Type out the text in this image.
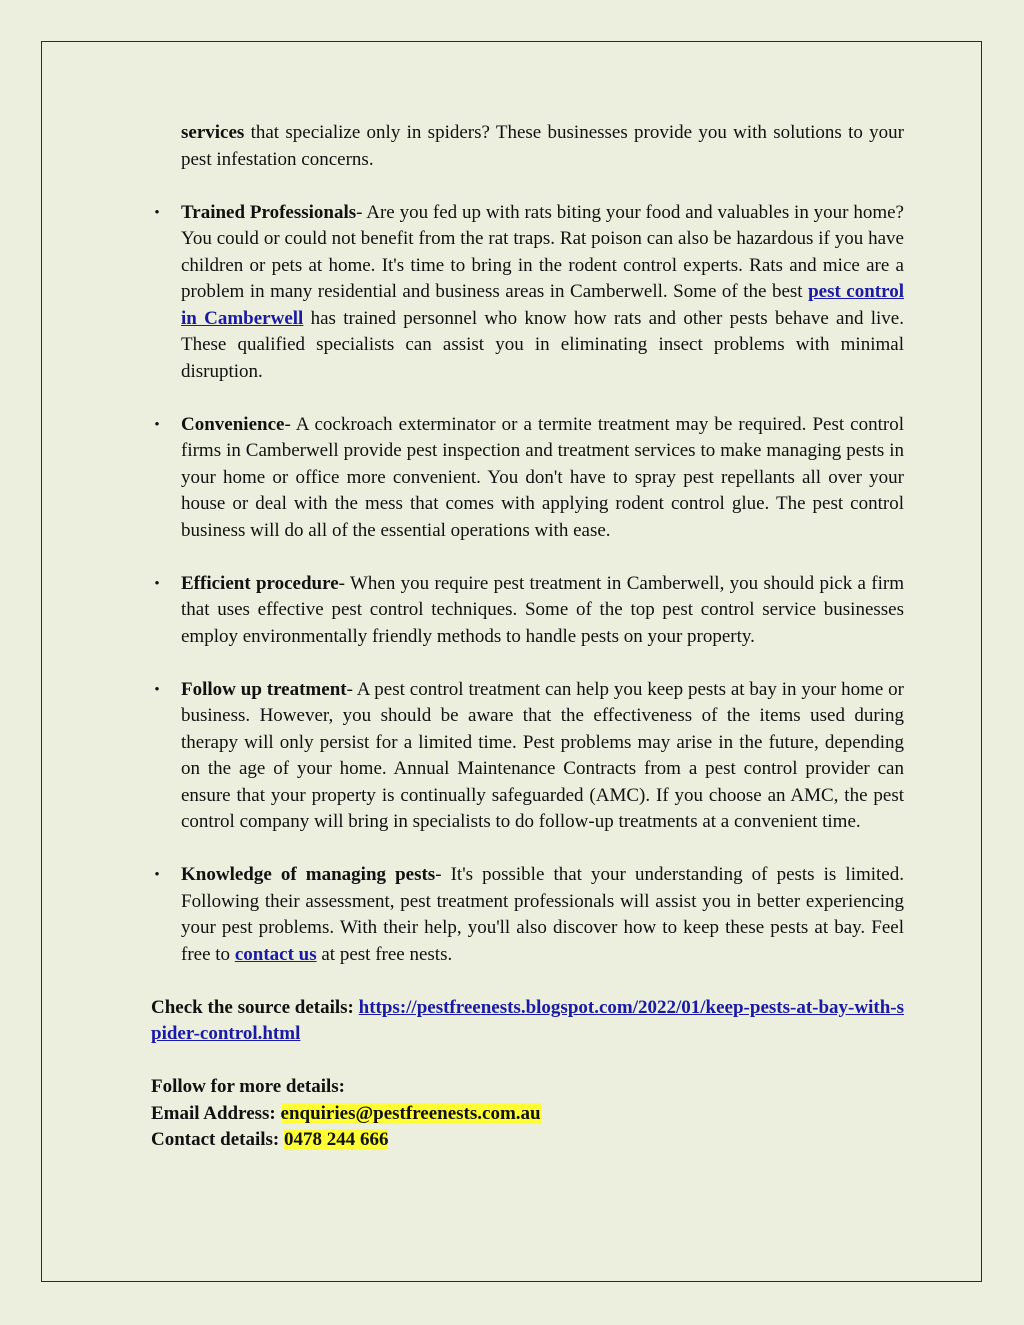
services that specialize only in spiders? These businesses provide you with solutions to your pest infestation concerns.

• Trained Professionals- Are you fed up with rats biting your food and valuables in your home? You could or could not benefit from the rat traps. Rat poison can also be hazardous if you have children or pets at home. It's time to bring in the rodent control experts. Rats and mice are a problem in many residential and business areas in Camberwell. Some of the best pest control in Camberwell has trained personnel who know how rats and other pests behave and live. These qualified specialists can assist you in eliminating insect problems with minimal disruption.
• Convenience- A cockroach exterminator or a termite treatment may be required. Pest control firms in Camberwell provide pest inspection and treatment services to make managing pests in your home or office more convenient. You don't have to spray pest repellants all over your house or deal with the mess that comes with applying rodent control glue. The pest control business will do all of the essential operations with ease.
• Efficient procedure- When you require pest treatment in Camberwell, you should pick a firm that uses effective pest control techniques. Some of the top pest control service businesses employ environmentally friendly methods to handle pests on your property.
• Follow up treatment- A pest control treatment can help you keep pests at bay in your home or business. However, you should be aware that the effectiveness of the items used during therapy will only persist for a limited time. Pest problems may arise in the future, depending on the age of your home. Annual Maintenance Contracts from a pest control provider can ensure that your property is continually safeguarded (AMC). If you choose an AMC, the pest control company will bring in specialists to do follow-up treatments at a convenient time.
• Knowledge of managing pests- It's possible that your understanding of pests is limited. Following their assessment, pest treatment professionals will assist you in better experiencing your pest problems. With their help, you'll also discover how to keep these pests at bay. Feel free to contact us at pest free nests.

Check the source details: https://pestfreenests.blogspot.com/2022/01/keep-pests-at-bay-with-spider-control.html

Follow for more details:
Email Address: enquiries@pestfreenests.com.au
Contact details: 0478 244 666
